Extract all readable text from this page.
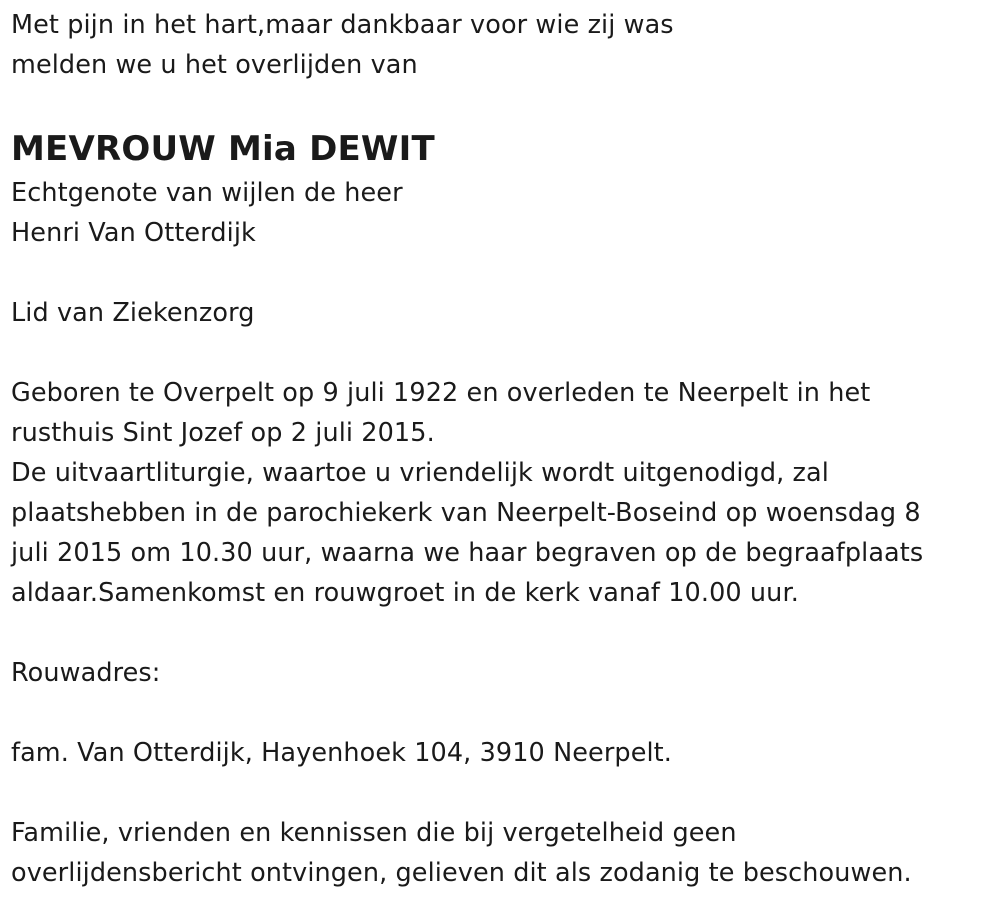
Met pijn in het hart,maar dankbaar voor wie zij was
melden we u het overlijden van
MEVROUW Mia DEWIT
Echtgenote van wijlen de heer
Henri Van Otterdijk
Lid van Ziekenzorg
Geboren te Overpelt op 9 juli 1922 en overleden te Neerpelt in het
rusthuis Sint Jozef op 2 juli 2015.
De uitvaartliturgie, waartoe u vriendelijk wordt uitgenodigd, zal
plaatshebben in de parochiekerk van Neerpelt-Boseind op woensdag 8
juli 2015 om 10.30 uur, waarna we haar begraven op de begraafplaats
aldaar.Samenkomst en rouwgroet in de kerk vanaf 10.00 uur.
Rouwadres:
fam. Van Otterdijk, Hayenhoek 104, 3910 Neerpelt.
Familie, vrienden en kennissen die bij vergetelheid geen
overlijdensbericht ontvingen, gelieven dit als zodanig te beschouwen.
